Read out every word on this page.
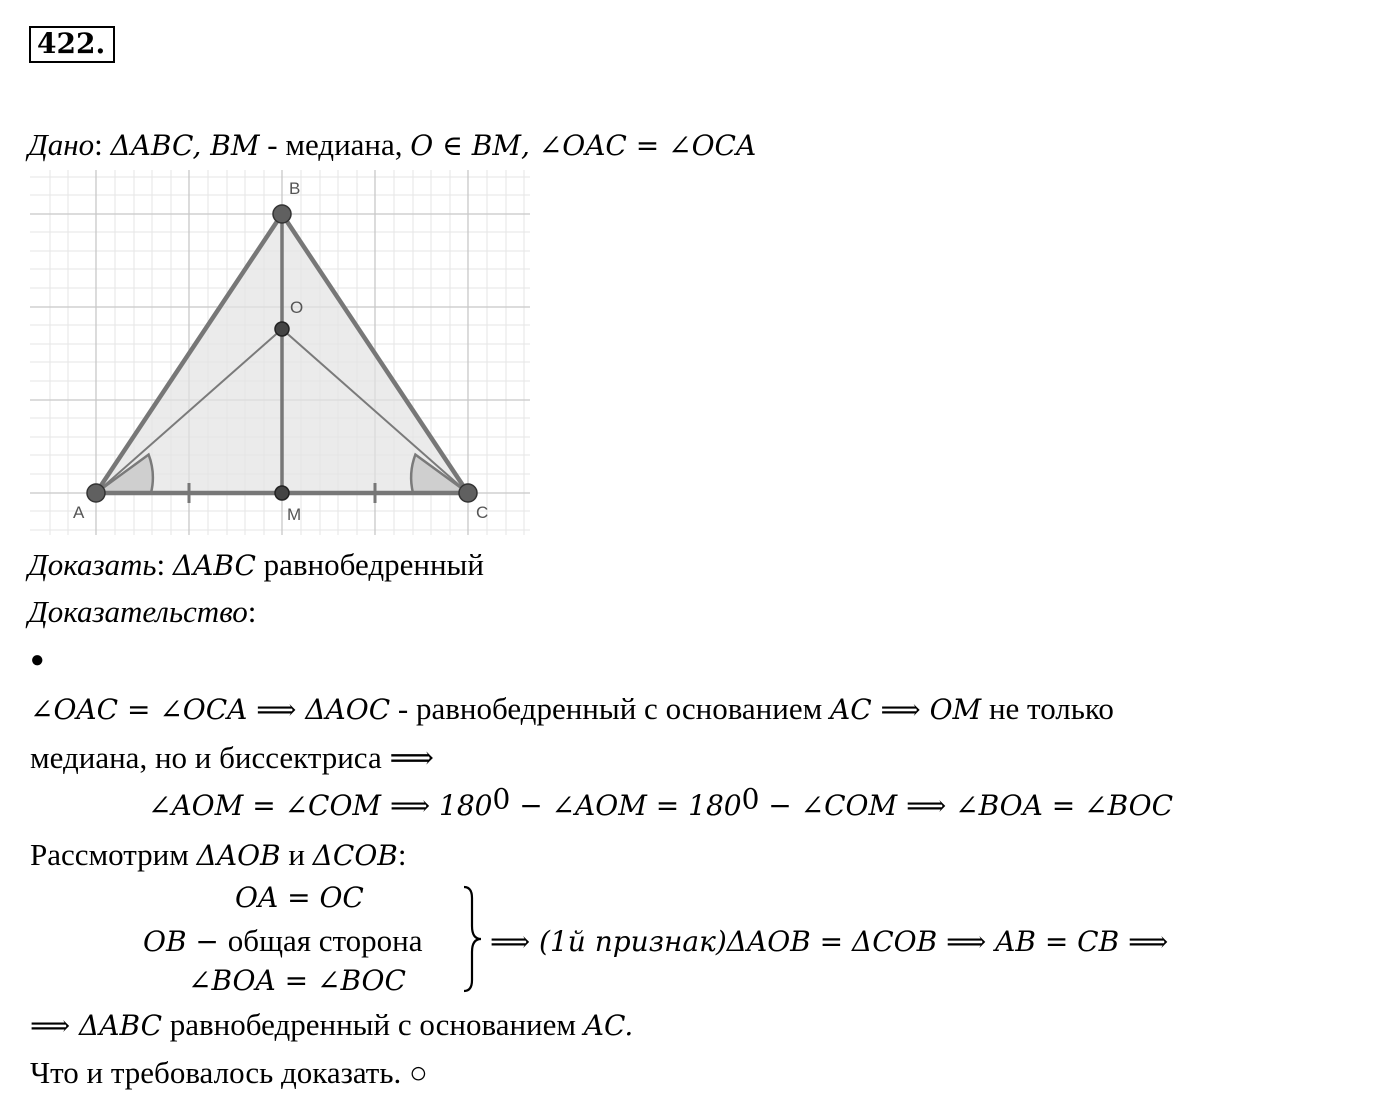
422.
Дано: ΔABC, BM - медиана, O ∈ BM, ∠OAC = ∠OCA
A
B
C
O
M
Доказать: ΔABC равнобедренный
Доказательство:
●
∠OAC = ∠OCA ⟹ ΔAOC - равнобедренный с основанием AC ⟹ OM не только
медиана, но и биссектриса ⟹
∠AOM = ∠COM ⟹ $180^0$ − ∠AOM = $180^0$ − ∠COM ⟹ ∠BOA = ∠BOC
Рассмотрим ΔAOB и ΔCOB:
OA = OC
OB − общая сторона
∠BOA = ∠BOC
⟹ (1й признак)ΔAOB = ΔCOB ⟹ AB = CB ⟹
⟹ ΔABC равнобедренный с основанием AC.
Что и требовалось доказать. ○
